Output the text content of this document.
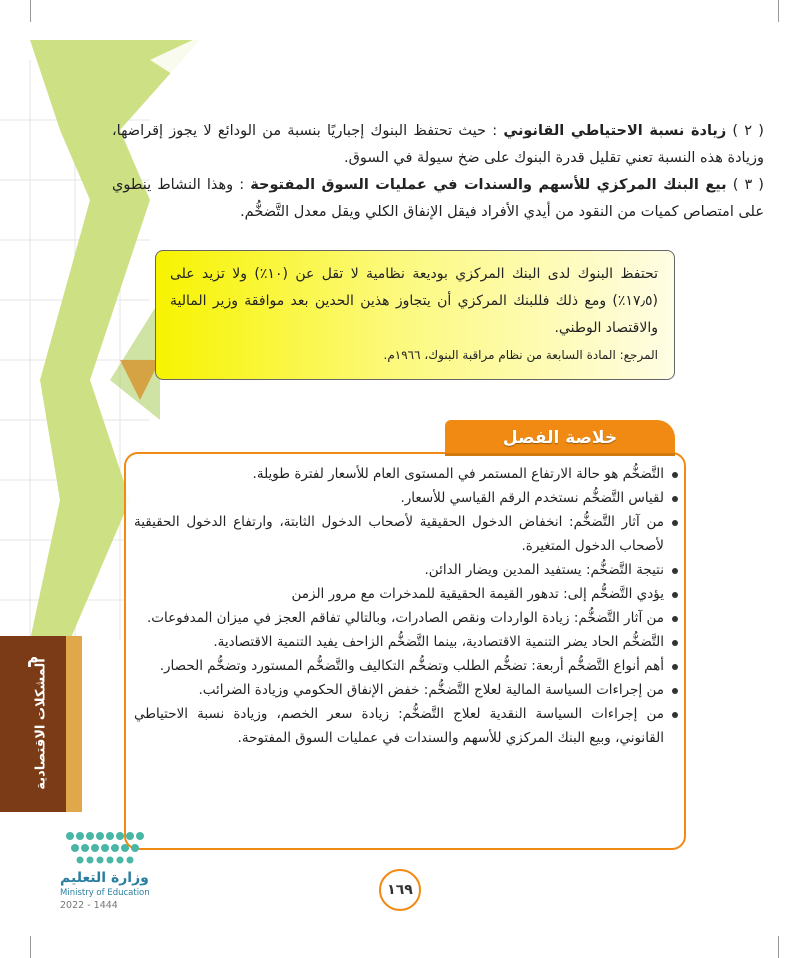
( ٢ ) زيادة نسبة الاحتياطي القانوني : حيث تحتفظ البنوك إجباريًا بنسبة من الودائع لا يجوز إقراضها، وزيادة هذه النسبة تعني تقليل قدرة البنوك على ضخ سيولة في السوق.

( ٣ ) بيع البنك المركزي للأسهم والسندات في عمليات السوق المفتوحة : وهذا النشاط ينطوي على امتصاص كميات من النقود من أيدي الأفراد فيقل الإنفاق الكلي ويقل معدل التَّضخُّم.

تحتفظ البنوك لدى البنك المركزي بوديعة نظامية لا تقل عن (١٠٪) ولا تزيد على (١٧٫٥٪) ومع ذلك فللبنك المركزي أن يتجاوز هذين الحدين بعد موافقة وزير المالية والاقتصاد الوطني.
المرجع: المادة السابعة من نظام مراقبة البنوك، ١٩٦٦م.
خلاصة الفصل
التَّضخُّم هو حالة الارتفاع المستمر في المستوى العام للأسعار لفترة طويلة.
لقياس التَّضخُّم نستخدم الرقم القياسي للأسعار.
من آثار التَّضخُّم: انخفاض الدخول الحقيقية لأصحاب الدخول الثابتة، وارتفاع الدخول الحقيقية لأصحاب الدخول المتغيرة.
نتيجة التَّضخُّم: يستفيد المدين ويضار الدائن.
يؤدي التَّضخُّم إلى: تدهور القيمة الحقيقية للمدخرات مع مرور الزمن
من آثار التَّضخُّم: زيادة الواردات ونقص الصادرات، وبالتالي تفاقم العجز في ميزان المدفوعات.
التَّضخُّم الحاد يضر التنمية الاقتصادية، بينما التَّضخُّم الزاحف يفيد التنمية الاقتصادية.
أهم أنواع التَّضخُّم أربعة: تضخُّم الطلب وتضخُّم التكاليف والتَّضخُّم المستورد وتضخُّم الحصار.
من إجراءات السياسة المالية لعلاج التَّضخُّم: خفض الإنفاق الحكومي وزيادة الضرائب.
من إجراءات السياسة النقدية لعلاج التَّضخُّم: زيادة سعر الخصم، وزيادة نسبة الاحتياطي القانوني، وبيع البنك المركزي للأسهم والسندات في عمليات السوق المفتوحة.
م
المشكلات الاقتصادية
وزارة التعليم
Ministry of Education
2022 - 1444
١٦٩
